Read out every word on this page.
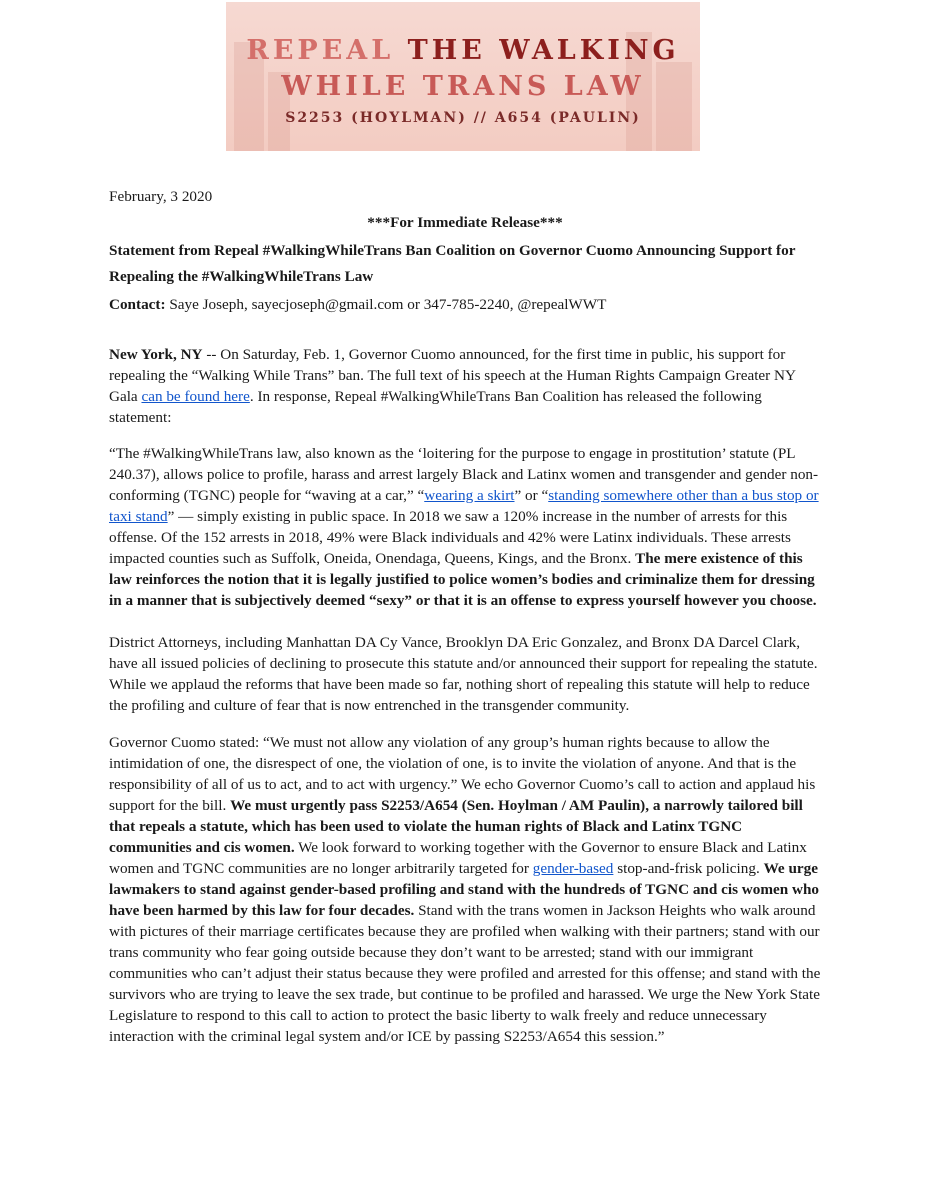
REPEAL THE WALKING
WHILE TRANS LAW
S2253 (HOYLMAN) // A654 (PAULIN)
February, 3 2020
***For Immediate Release***
Statement from Repeal #WalkingWhileTrans Ban Coalition on Governor Cuomo Announcing Support for Repealing the #WalkingWhileTrans Law
Contact: Saye Joseph, sayecjoseph@gmail.com or 347-785-2240, @repealWWT
New York, NY -- On Saturday, Feb. 1, Governor Cuomo announced, for the first time in public, his support for repealing the “Walking While Trans” ban. The full text of his speech at the Human Rights Campaign Greater NY Gala can be found here. In response, Repeal #WalkingWhileTrans Ban Coalition has released the following statement:
“The #WalkingWhileTrans law, also known as the ‘loitering for the purpose to engage in prostitution’ statute (PL 240.37), allows police to profile, harass and arrest largely Black and Latinx women and transgender and gender non-conforming (TGNC) people for “waving at a car,” “wearing a skirt” or “standing somewhere other than a bus stop or taxi stand” — simply existing in public space. In 2018 we saw a 120% increase in the number of arrests for this offense. Of the 152 arrests in 2018, 49% were Black individuals and 42% were Latinx individuals. These arrests impacted counties such as Suffolk, Oneida, Onendaga, Queens, Kings, and the Bronx. The mere existence of this law reinforces the notion that it is legally justified to police women’s bodies and criminalize them for dressing in a manner that is subjectively deemed “sexy” or that it is an offense to express yourself however you choose.
District Attorneys, including Manhattan DA Cy Vance, Brooklyn DA Eric Gonzalez, and Bronx DA Darcel Clark, have all issued policies of declining to prosecute this statute and/or announced their support for repealing the statute. While we applaud the reforms that have been made so far, nothing short of repealing this statute will help to reduce the profiling and culture of fear that is now entrenched in the transgender community.
Governor Cuomo stated: “We must not allow any violation of any group’s human rights because to allow the intimidation of one, the disrespect of one, the violation of one, is to invite the violation of anyone. And that is the responsibility of all of us to act, and to act with urgency.” We echo Governor Cuomo’s call to action and applaud his support for the bill. We must urgently pass S2253/A654 (Sen. Hoylman / AM Paulin), a narrowly tailored bill that repeals a statute, which has been used to violate the human rights of Black and Latinx TGNC communities and cis women. We look forward to working together with the Governor to ensure Black and Latinx women and TGNC communities are no longer arbitrarily targeted for gender-based stop-and-frisk policing. We urge lawmakers to stand against gender-based profiling and stand with the hundreds of TGNC and cis women who have been harmed by this law for four decades. Stand with the trans women in Jackson Heights who walk around with pictures of their marriage certificates because they are profiled when walking with their partners; stand with our trans community who fear going outside because they don’t want to be arrested; stand with our immigrant communities who can’t adjust their status because they were profiled and arrested for this offense; and stand with the survivors who are trying to leave the sex trade, but continue to be profiled and harassed. We urge the New York State Legislature to respond to this call to action to protect the basic liberty to walk freely and reduce unnecessary interaction with the criminal legal system and/or ICE by passing S2253/A654 this session.”
